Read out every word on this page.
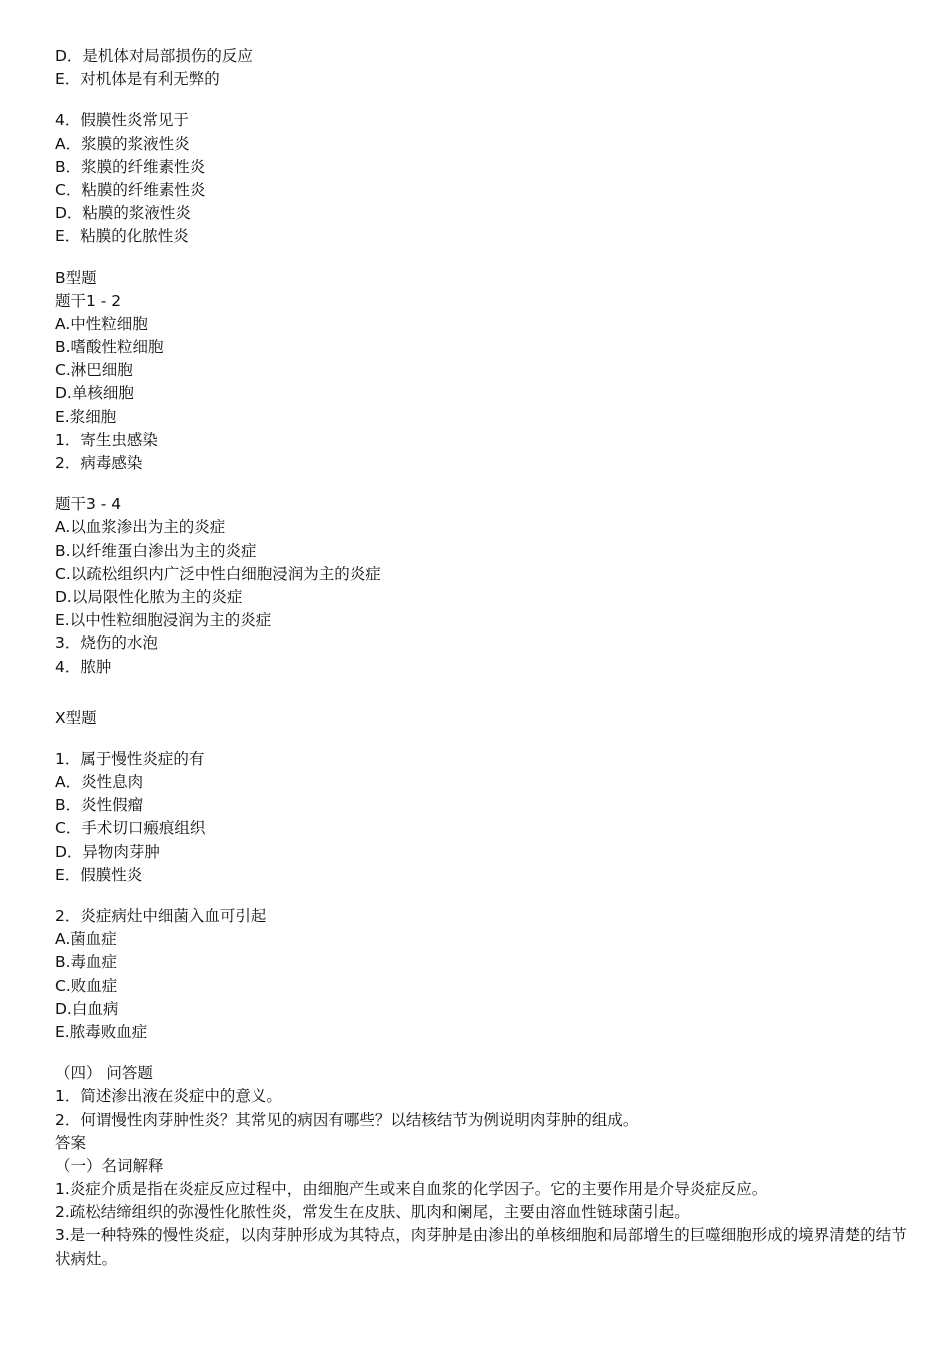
D．是机体对局部损伤的反应

E．对机体是有利无弊的

4．假膜性炎常见于

A．浆膜的浆液性炎

B．浆膜的纤维素性炎

C．粘膜的纤维素性炎

D．粘膜的浆液性炎

E．粘膜的化脓性炎

B型题

题干1 - 2

A.中性粒细胞

B.嗜酸性粒细胞

C.淋巴细胞

D.单核细胞

E.浆细胞

1．寄生虫感染

2．病毒感染

题干3 - 4

A.以血浆渗出为主的炎症

B.以纤维蛋白渗出为主的炎症

C.以疏松组织内广泛中性白细胞浸润为主的炎症

D.以局限性化脓为主的炎症

E.以中性粒细胞浸润为主的炎症

3．烧伤的水泡

4．脓肿

X型题

1．属于慢性炎症的有

A．炎性息肉

B．炎性假瘤

C．手术切口瘢痕组织

D．异物肉芽肿

E．假膜性炎

2．炎症病灶中细菌入血可引起

A.菌血症

B.毒血症

C.败血症

D.白血病

E.脓毒败血症

（四） 问答题

1．简述渗出液在炎症中的意义。

2．何谓慢性肉芽肿性炎？其常见的病因有哪些？以结核结节为例说明肉芽肿的组成。

答案

（一）名词解释

1.炎症介质是指在炎症反应过程中，由细胞产生或来自血浆的化学因子。它的主要作用是介导炎症反应。

2.疏松结缔组织的弥漫性化脓性炎，常发生在皮肤、肌肉和阑尾，主要由溶血性链球菌引起。

3.是一种特殊的慢性炎症，以肉芽肿形成为其特点，肉芽肿是由渗出的单核细胞和局部增生的巨噬细胞形成的境界清楚的结节状病灶。
